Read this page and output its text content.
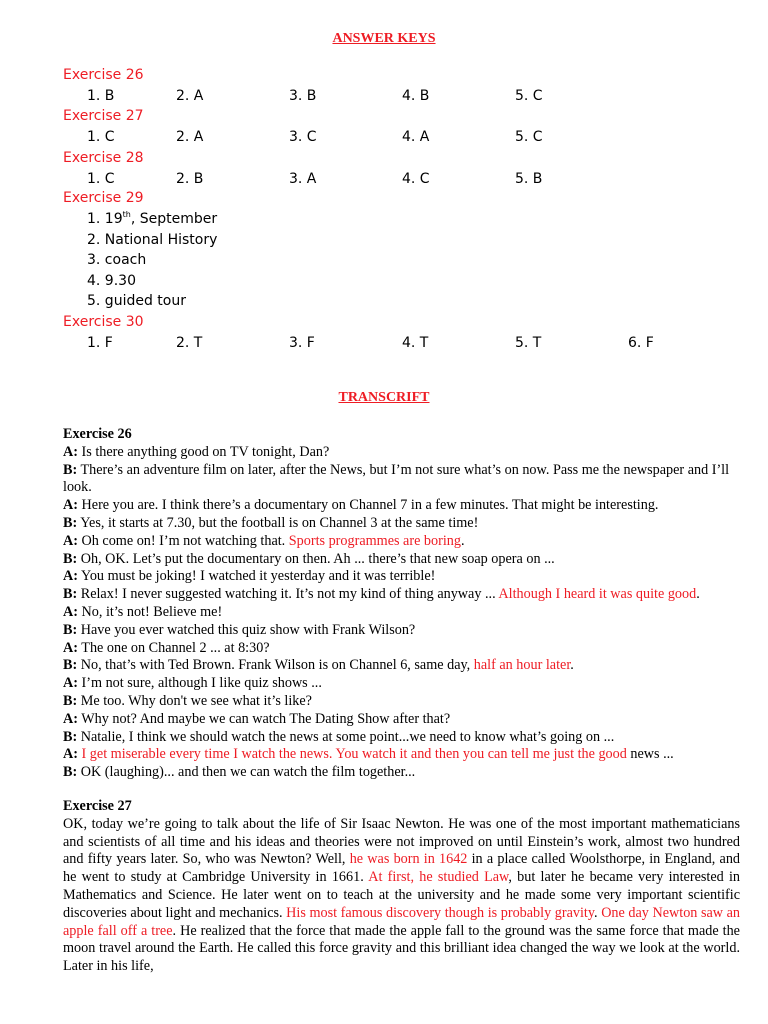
ANSWER KEYS
Exercise 26
1. B	2. A	3. B	4. B	5. C
Exercise 27
1. C	2. A	3. C	4. A	5. C
Exercise 28
1. C	2. B	3. A	4. C	5. B
Exercise 29
1. 19th, September
2. National History
3. coach
4. 9.30
5. guided tour
Exercise 30
1. F	2. T	3. F	4. T	5. T	6. F
TRANSCRIFT
Exercise 26
A: Is there anything good on TV tonight, Dan?
B: There’s an adventure film on later, after the News, but I’m not sure what’s on now. Pass me the newspaper and I’ll look.
A: Here you are. I think there’s a documentary on Channel 7 in a few minutes. That might be interesting.
B: Yes, it starts at 7.30, but the football is on Channel 3 at the same time!
A: Oh come on! I’m not watching that. Sports programmes are boring.
B: Oh, OK. Let’s put the documentary on then. Ah ... there’s that new soap opera on ...
A: You must be joking! I watched it yesterday and it was terrible!
B: Relax! I never suggested watching it. It’s not my kind of thing anyway ... Although I heard it was quite good.
A: No, it’s not! Believe me!
B: Have you ever watched this quiz show with Frank Wilson?
A: The one on Channel 2 ... at 8:30?
B: No, that’s with Ted Brown. Frank Wilson is on Channel 6, same day, half an hour later.
A: I’m not sure, although I like quiz shows ...
B: Me too. Why don't we see what it’s like?
A: Why not? And maybe we can watch The Dating Show after that?
B: Natalie, I think we should watch the news at some point...we need to know what’s going on ...
A: I get miserable every time I watch the news. You watch it and then you can tell me just the good news ...
B: OK (laughing)... and then we can watch the film together...
Exercise 27
OK, today we’re going to talk about the life of Sir Isaac Newton. He was one of the most important mathematicians and scientists of all time and his ideas and theories were not improved on until Einstein’s work, almost two hundred and fifty years later. So, who was Newton? Well, he was born in 1642 in a place called Woolsthorpe, in England, and he went to study at Cambridge University in 1661. At first, he studied Law, but later he became very interested in Mathematics and Science. He later went on to teach at the university and he made some very important scientific discoveries about light and mechanics. His most famous discovery though is probably gravity. One day Newton saw an apple fall off a tree. He realized that the force that made the apple fall to the ground was the same force that made the moon travel around the Earth. He called this force gravity and this brilliant idea changed the way we look at the world. Later in his life,
